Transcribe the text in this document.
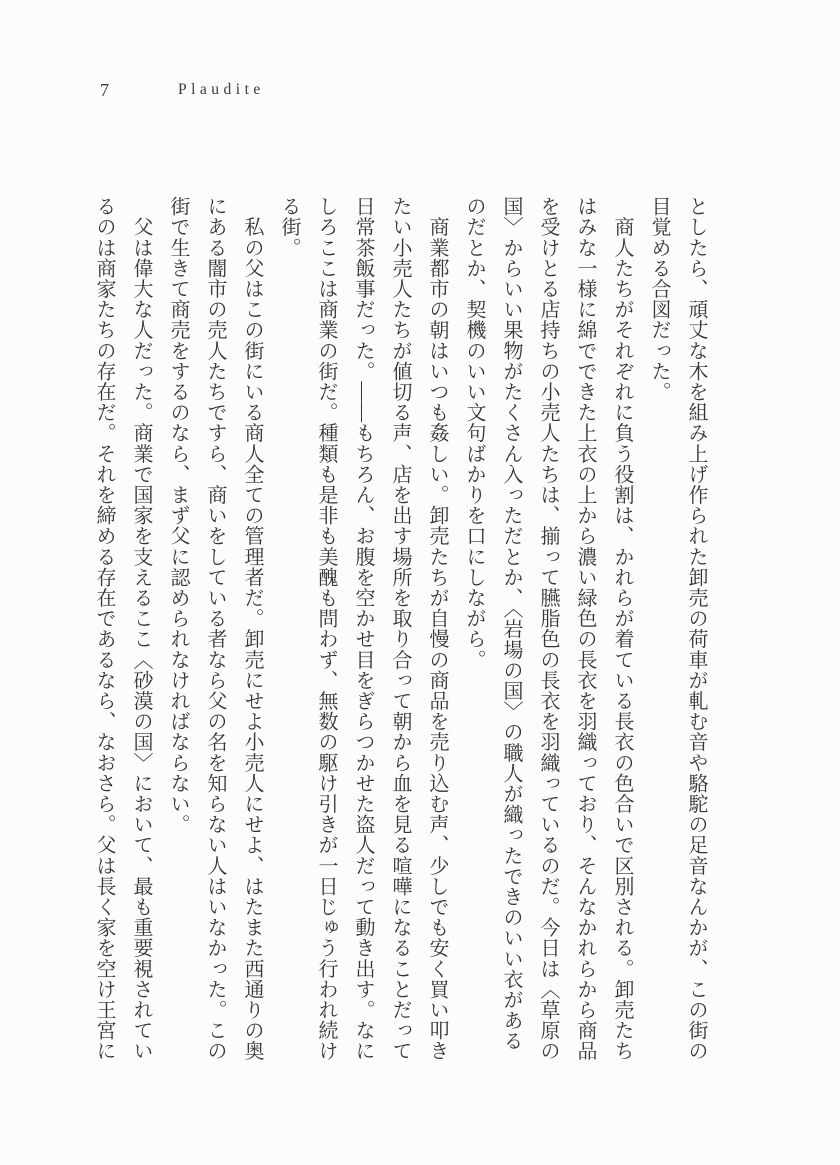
7	Plaudite

としたら、頑丈な木を組み上げ作られた卸売の荷車が軋む音や駱駝の足音なんかが、この街の
目覚める合図だった。

　商人たちがそれぞれに負う役割は、かれらが着ている長衣の色合いで区別される。卸売たち
はみな一様に綿でできた上衣の上から濃い緑色の長衣を羽織っており、そんなかれらから商品
を受けとる店持ちの小売人たちは、揃って臙脂色の長衣を羽織っているのだ。今日は〈草原の
国〉からいい果物がたくさん入っただとか、〈岩場の国〉の職人が織ったできのいい衣がある
のだとか、契機のいい文句ばかりを口にしながら。

　商業都市の朝はいつも姦しい。卸売たちが自慢の商品を売り込む声、少しでも安く買い叩き
たい小売人たちが値切る声、店を出す場所を取り合って朝から血を見る喧嘩になることだって
日常茶飯事だった。――もちろん、お腹を空かせ目をぎらつかせた盗人だって動き出す。なに
しろここは商業の街だ。種類も是非も美醜も問わず、無数の駆け引きが一日じゅう行われ続け
る街。

　私の父はこの街にいる商人全ての管理者だ。卸売にせよ小売人にせよ、はたまた西通りの奥
にある闇市の売人たちですら、商いをしている者なら父の名を知らない人はいなかった。この
街で生きて商売をするのなら、まず父に認められなければならない。

　父は偉大な人だった。商業で国家を支えるここ〈砂漠の国〉において、最も重要視されてい
るのは商家たちの存在だ。それを締める存在であるなら、なおさら。父は長く家を空け王宮に
